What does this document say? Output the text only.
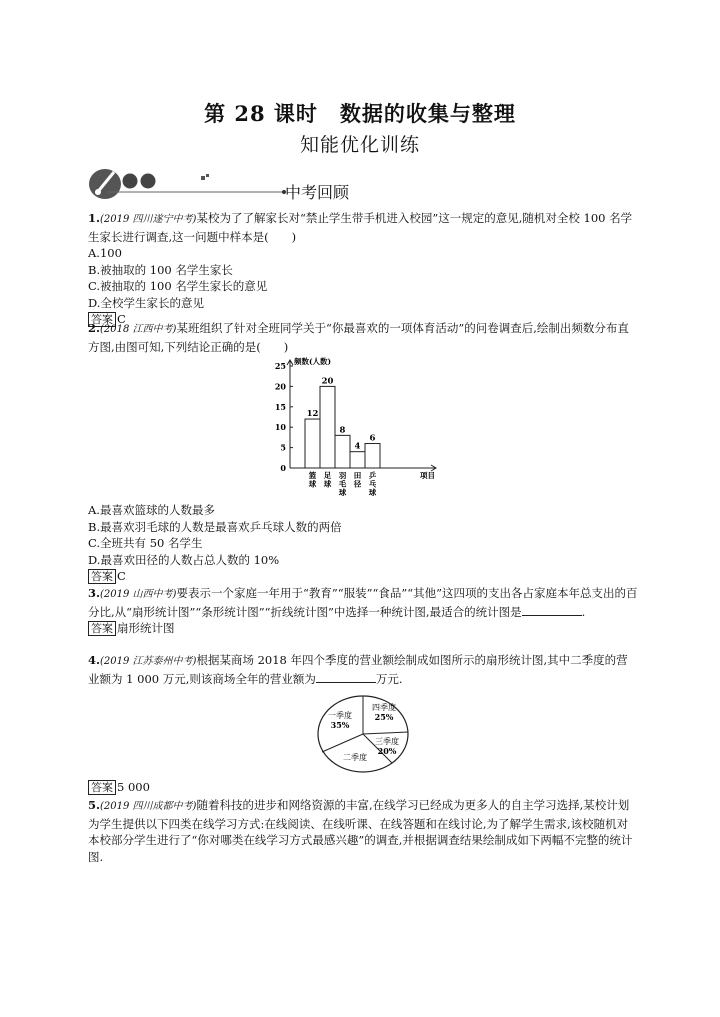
第 28 课时　数据的收集与整理
知能优化训练
中考回顾
1.(2019 四川遂宁中考)某校为了了解家长对“禁止学生带手机进入校园”这一规定的意见,随机对全校 100 名学生家长进行调查,这一问题中样本是(　　)
A.100
B.被抽取的 100 名学生家长
C.被抽取的 100 名学生家长的意见
D.全校学生家长的意见
答案 C
2.(2018 江西中考)某班组织了针对全班同学关于“你最喜欢的一项体育活动”的问卷调查后,绘制出频数分布直方图,由图可知,下列结论正确的是(　　)
频数(人数)
项目
0
5
10
15
20
25
12
篮球
20
足球
8
羽毛球
4
田径
6
乒乓球
A.最喜欢篮球的人数最多
B.最喜欢羽毛球的人数是最喜欢乒乓球人数的两倍
C.全班共有 50 名学生
D.最喜欢田径的人数占总人数的 10%
答案 C
3.(2019 山西中考)要表示一个家庭一年用于“教育”“服装”“食品”“其他”这四项的支出各占家庭本年总支出的百分比,从“扇形统计图”“条形统计图”“折线统计图”中选择一种统计图,最适合的统计图是	.
答案 扇形统计图
4.(2019 江苏泰州中考)根据某商场 2018 年四个季度的营业额绘制成如图所示的扇形统计图,其中二季度的营业额为 1 000 万元,则该商场全年的营业额为	万元.
一季度
35%
四季度
25%
三季度
20%
二季度
答案 5 000
5.(2019 四川成都中考)随着科技的进步和网络资源的丰富,在线学习已经成为更多人的自主学习选择,某校计划为学生提供以下四类在线学习方式:在线阅读、在线听课、在线答题和在线讨论,为了解学生需求,该校随机对本校部分学生进行了“你对哪类在线学习方式最感兴趣”的调查,并根据调查结果绘制成如下两幅不完整的统计图.
